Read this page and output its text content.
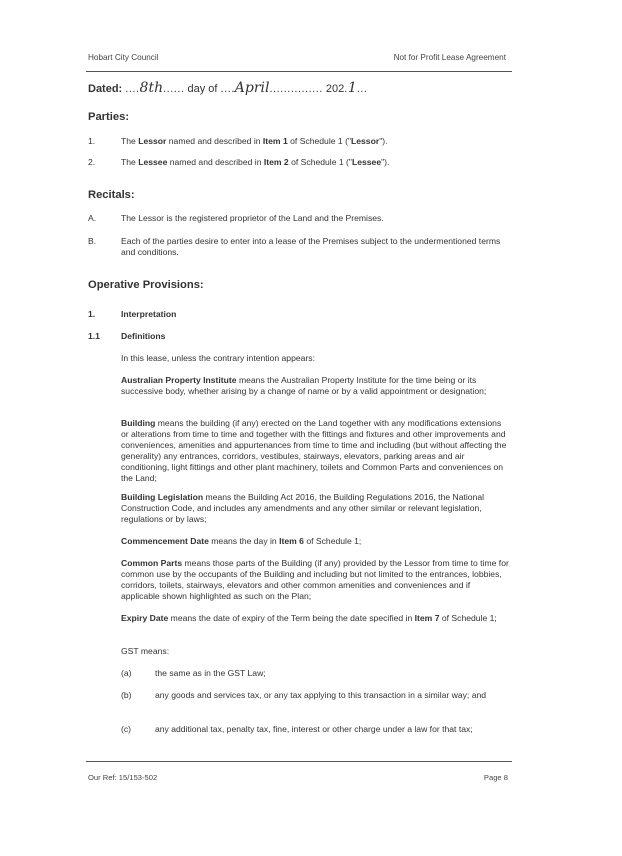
Hobart City Council	Not for Profit Lease Agreement
Dated: ....8th...... day of ....April............... 202.1...
Parties:
1.	The Lessor named and described in Item 1 of Schedule 1 ("Lessor").
2.	The Lessee named and described in Item 2 of Schedule 1 ("Lessee").
Recitals:
A.	The Lessor is the registered proprietor of the Land and the Premises.
B.	Each of the parties desire to enter into a lease of the Premises subject to the undermentioned terms and conditions.
Operative Provisions:
1.	Interpretation
1.1 Definitions
In this lease, unless the contrary intention appears:
Australian Property Institute means the Australian Property Institute for the time being or its successive body, whether arising by a change of name or by a valid appointment or designation;
Building means the building (if any) erected on the Land together with any modifications extensions or alterations from time to time and together with the fittings and fixtures and other improvements and conveniences, amenities and appurtenances from time to time and including (but without affecting the generality) any entrances, corridors, vestibules, stairways, elevators, parking areas and air conditioning, light fittings and other plant machinery, toilets and Common Parts and conveniences on the Land;
Building Legislation means the Building Act 2016, the Building Regulations 2016, the National Construction Code, and includes any amendments and any other similar or relevant legislation, regulations or by laws;
Commencement Date means the day in Item 6 of Schedule 1;
Common Parts means those parts of the Building (if any) provided by the Lessor from time to time for common use by the occupants of the Building and including but not limited to the entrances, lobbies, corridors, toilets, stairways, elevators and other common amenities and conveniences and if applicable shown highlighted as such on the Plan;
Expiry Date means the date of expiry of the Term being the date specified in Item 7 of Schedule 1;
GST means:
(a)	the same as in the GST Law;
(b)	any goods and services tax, or any tax applying to this transaction in a similar way; and
(c)	any additional tax, penalty tax, fine, interest or other charge under a law for that tax;
Our Ref: 15/153-502	Page 8
